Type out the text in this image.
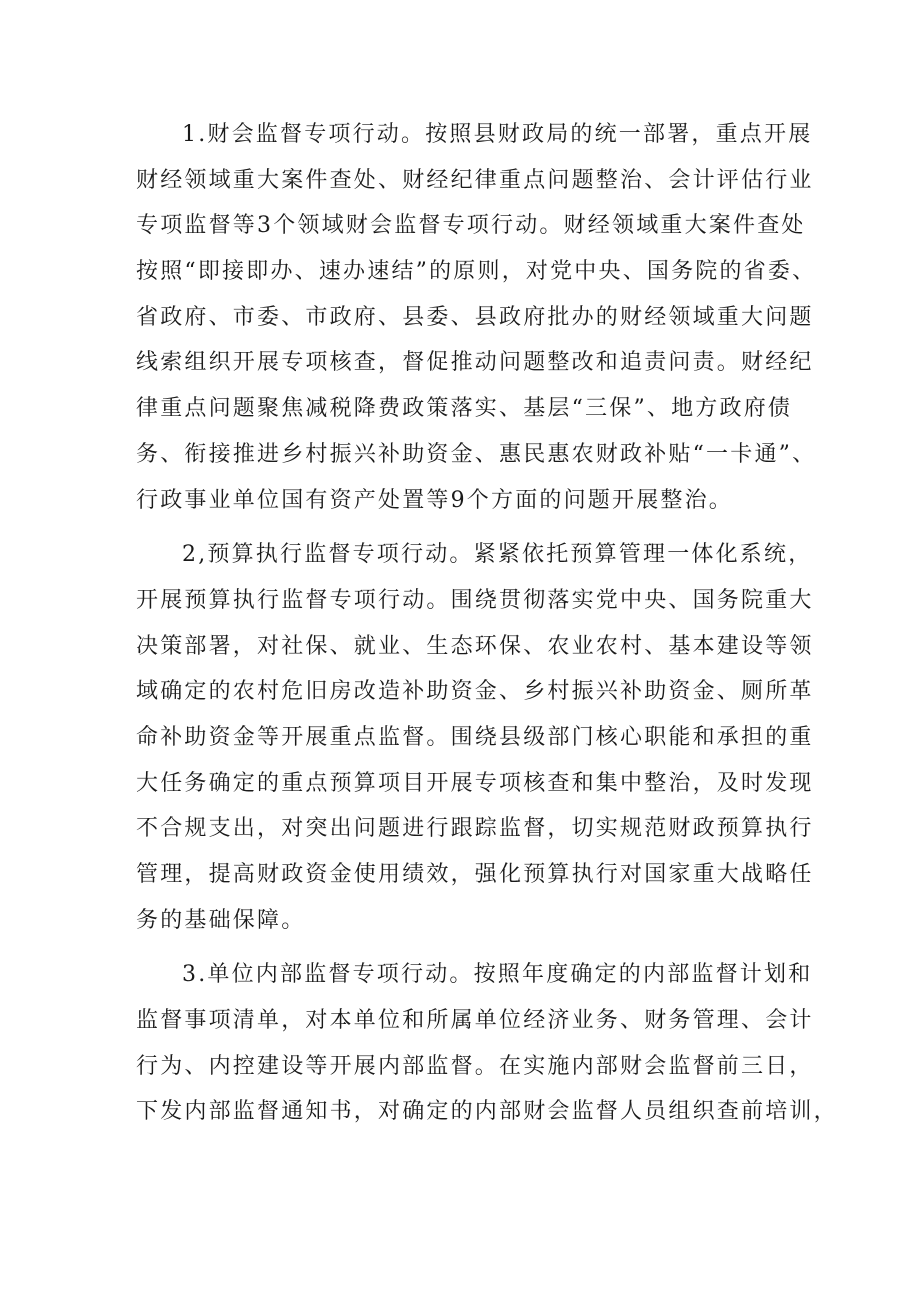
1.财会监督专项行动。按照县财政局的统一部署，重点开展
财经领域重大案件查处、财经纪律重点问题整治、会计评估行业
专项监督等3个领域财会监督专项行动。财经领域重大案件查处
按照“即接即办、速办速结”的原则，对党中央、国务院的省委、
省政府、市委、市政府、县委、县政府批办的财经领域重大问题
线索组织开展专项核查，督促推动问题整改和追责问责。财经纪
律重点问题聚焦减税降费政策落实、基层“三保”、地方政府债
务、衔接推进乡村振兴补助资金、惠民惠农财政补贴“一卡通”、
行政事业单位国有资产处置等9个方面的问题开展整治。
2,预算执行监督专项行动。紧紧依托预算管理一体化系统，
开展预算执行监督专项行动。围绕贯彻落实党中央、国务院重大
决策部署，对社保、就业、生态环保、农业农村、基本建设等领
域确定的农村危旧房改造补助资金、乡村振兴补助资金、厕所革
命补助资金等开展重点监督。围绕县级部门核心职能和承担的重
大任务确定的重点预算项目开展专项核查和集中整治，及时发现
不合规支出，对突出问题进行跟踪监督，切实规范财政预算执行
管理，提高财政资金使用绩效，强化预算执行对国家重大战略任
务的基础保障。
3.单位内部监督专项行动。按照年度确定的内部监督计划和
监督事项清单，对本单位和所属单位经济业务、财务管理、会计
行为、内控建设等开展内部监督。在实施内部财会监督前三日，
下发内部监督通知书，对确定的内部财会监督人员组织查前培训，
